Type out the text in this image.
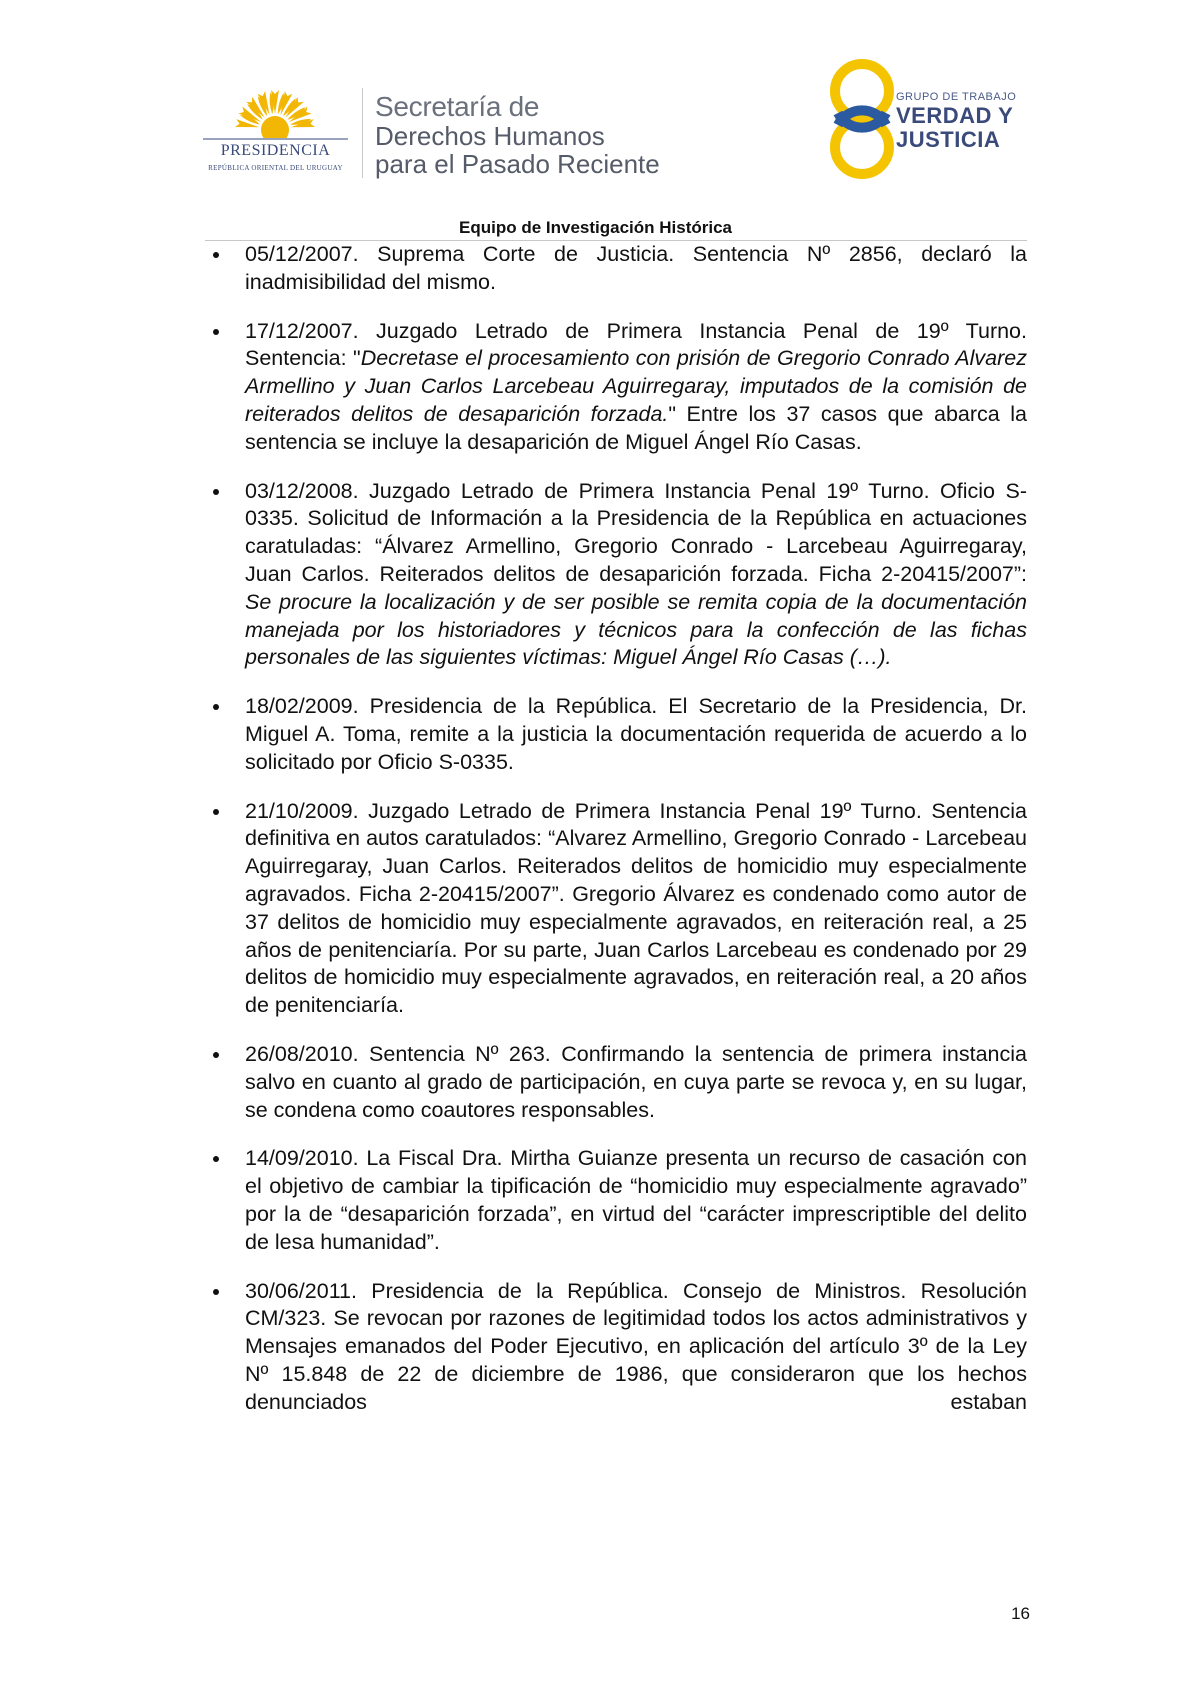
PRESIDENCIA
REPÚBLICA ORIENTAL DEL URUGUAY
Secretaría de
Derechos Humanos
para el Pasado Reciente
GRUPO DE TRABAJO
VERDAD Y
JUSTICIA
Equipo de Investigación Histórica
05/12/2007. Suprema Corte de Justicia. Sentencia Nº 2856, declaró la inadmisibilidad del mismo.
17/12/2007. Juzgado Letrado de Primera Instancia Penal de 19º Turno. Sentencia: "Decretase el procesamiento con prisión de Gregorio Conrado Alvarez Armellino y Juan Carlos Larcebeau Aguirregaray, imputados de la comisión de reiterados delitos de desaparición forzada." Entre los 37 casos que abarca la sentencia se incluye la desaparición de Miguel Ángel Río Casas.
03/12/2008. Juzgado Letrado de Primera Instancia Penal 19º Turno. Oficio S-0335. Solicitud de Información a la Presidencia de la República en actuaciones caratuladas: “Álvarez Armellino, Gregorio Conrado - Larcebeau Aguirregaray, Juan Carlos. Reiterados delitos de desaparición forzada. Ficha 2-20415/2007”: Se procure la localización y de ser posible se remita copia de la documentación manejada por los historiadores y técnicos para la confección de las fichas personales de las siguientes víctimas: Miguel Ángel Río Casas (…).
18/02/2009. Presidencia de la República. El Secretario de la Presidencia, Dr. Miguel A. Toma, remite a la justicia la documentación requerida de acuerdo a lo solicitado por Oficio S-0335.
21/10/2009. Juzgado Letrado de Primera Instancia Penal 19º Turno. Sentencia definitiva en autos caratulados: “Alvarez Armellino, Gregorio Conrado - Larcebeau Aguirregaray, Juan Carlos. Reiterados delitos de homicidio muy especialmente agravados. Ficha 2-20415/2007”. Gregorio Álvarez es condenado como autor de 37 delitos de homicidio muy especialmente agravados, en reiteración real, a 25 años de penitenciaría. Por su parte, Juan Carlos Larcebeau es condenado por 29 delitos de homicidio muy especialmente agravados, en reiteración real, a 20 años de penitenciaría.
26/08/2010. Sentencia Nº 263. Confirmando la sentencia de primera instancia salvo en cuanto al grado de participación, en cuya parte se revoca y, en su lugar, se condena como coautores responsables.
14/09/2010. La Fiscal Dra. Mirtha Guianze presenta un recurso de casación con el objetivo de cambiar la tipificación de “homicidio muy especialmente agravado” por la de “desaparición forzada”, en virtud del “carácter imprescriptible del delito de lesa humanidad”.
30/06/2011. Presidencia de la República. Consejo de Ministros. Resolución CM/323. Se revocan por razones de legitimidad todos los actos administrativos y Mensajes emanados del Poder Ejecutivo, en aplicación del artículo 3º de la Ley Nº 15.848 de 22 de diciembre de 1986, que consideraron que los hechos denunciados estaban
16
